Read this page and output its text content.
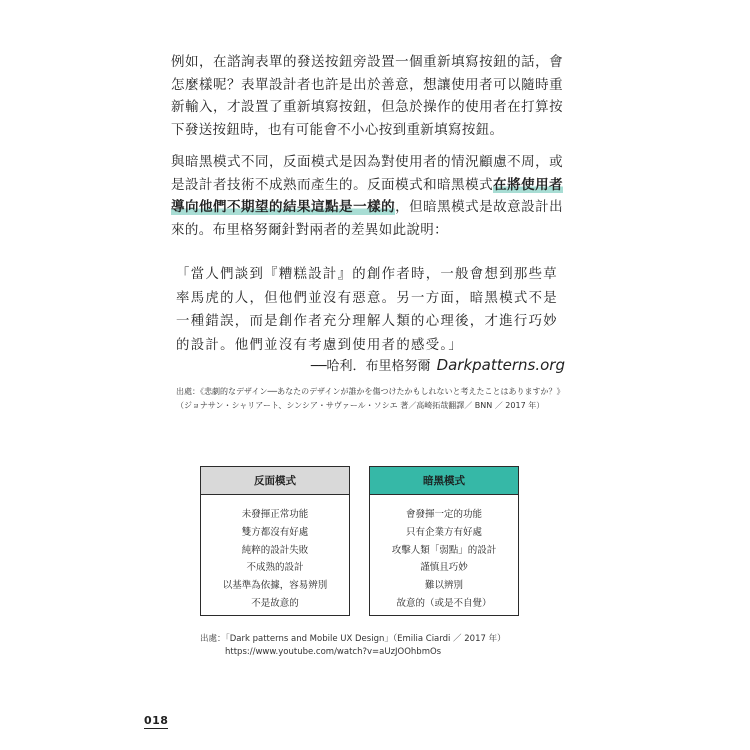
例如，在諮詢表單的發送按鈕旁設置一個重新填寫按鈕的話，會怎麼樣呢？表單設計者也許是出於善意，想讓使用者可以隨時重新輸入，才設置了重新填寫按鈕，但急於操作的使用者在打算按下發送按鈕時，也有可能會不小心按到重新填寫按鈕。

與暗黑模式不同，反面模式是因為對使用者的情況顧慮不周，或是設計者技術不成熟而產生的。反面模式和暗黑模式在將使用者導向他們不期望的結果這點是一樣的，但暗黑模式是故意設計出來的。布里格努爾針對兩者的差異如此說明：

「當人們談到『糟糕設計』的創作者時，一般會想到那些草率馬虎的人，但他們並沒有惡意。另一方面，暗黑模式不是一種錯誤，而是創作者充分理解人類的心理後，才進行巧妙的設計。他們並沒有考慮到使用者的感受。」

──哈利．布里格努爾 Darkpatterns.org

出處：《悲劇的なデザイン──あなたのデザインが誰かを傷つけたかもしれないと考えたことはありますか？》（ジョナサン・シャリアート、シンシア・サヴァール・ソシエ 著／高崎拓哉翻譯／ BNN ／ 2017 年）

反面模式
未發揮正常功能
雙方都沒有好處
純粹的設計失敗
不成熟的設計
以基準為依據，容易辨別
不是故意的
暗黑模式
會發揮一定的功能
只有企業方有好處
攻擊人類「弱點」的設計
謹慎且巧妙
難以辨別
故意的（或是不自覺）
出處：「Dark patterns and Mobile UX Design」（Emilia Ciardi ／ 2017 年）
https://www.youtube.com/watch?v=aUzJOOhbmOs
018
